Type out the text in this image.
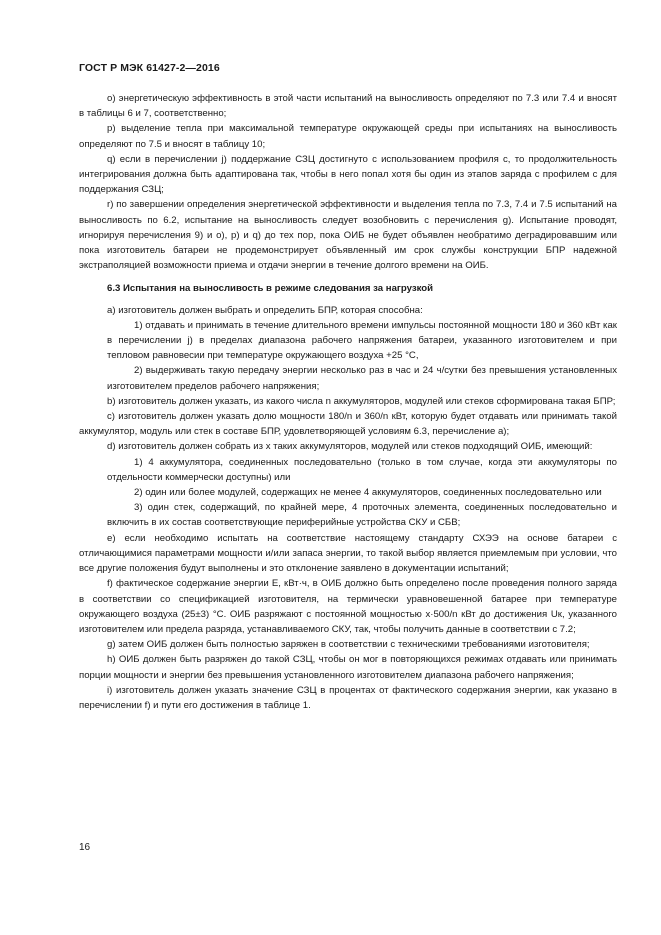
ГОСТ Р МЭК 61427-2—2016

o) энергетическую эффективность в этой части испытаний на выносливость определяют по 7.3 или 7.4 и вносят в таблицы 6 и 7, соответственно;

p) выделение тепла при максимальной температуре окружающей среды при испытаниях на выносливость определяют по 7.5 и вносят в таблицу 10;

q) если в перечислении j) поддержание СЗЦ достигнуто с использованием профиля с, то продолжительность интегрирования должна быть адаптирована так, чтобы в него попал хотя бы один из этапов заряда с профилем с для поддержания СЗЦ;

r) по завершении определения энергетической эффективности и выделения тепла по 7.3, 7.4 и 7.5 испытаний на выносливость по 6.2, испытание на выносливость следует возобновить с перечисления g). Испытание проводят, игнорируя перечисления 9) и o), p) и q) до тех пор, пока ОИБ не будет объявлен необратимо деградировавшим или пока изготовитель батареи не продемонстрирует объявленный им срок службы конструкции БПР надежной экстраполяцией возможности приема и отдачи энергии в течение долгого времени на ОИБ.

6.3 Испытания на выносливость в режиме следования за нагрузкой

a) изготовитель должен выбрать и определить БПР, которая способна:

1) отдавать и принимать в течение длительного времени импульсы постоянной мощности 180 и 360 кВт как в перечислении j) в пределах диапазона рабочего напряжения батареи, указанного изготовителем и при тепловом равновесии при температуре окружающего воздуха +25 °C,

2) выдерживать такую передачу энергии несколько раз в час и 24 ч/сутки без превышения установленных изготовителем пределов рабочего напряжения;

b) изготовитель должен указать, из какого числа n аккумуляторов, модулей или стеков сформирована такая БПР;

c) изготовитель должен указать долю мощности 180/n и 360/n кВт, которую будет отдавать или принимать такой аккумулятор, модуль или стек в составе БПР, удовлетворяющей условиям 6.3, перечисление а);

d) изготовитель должен собрать из x таких аккумуляторов, модулей или стеков подходящий ОИБ, имеющий:

1) 4 аккумулятора, соединенных последовательно (только в том случае, когда эти аккумуляторы по отдельности коммерчески доступны) или

2) один или более модулей, содержащих не менее 4 аккумуляторов, соединенных последовательно или

3) один стек, содержащий, по крайней мере, 4 проточных элемента, соединенных последовательно и включить в их состав соответствующие периферийные устройства СКУ и СБВ;

e) если необходимо испытать на соответствие настоящему стандарту СХЭЭ на основе батареи с отличающимися параметрами мощности и/или запаса энергии, то такой выбор является приемлемым при условии, что все другие положения будут выполнены и это отклонение заявлено в документации испытаний;

f) фактическое содержание энергии E, кВт·ч, в ОИБ должно быть определено после проведения полного заряда в соответствии со спецификацией изготовителя, на термически уравновешенной батарее при температуре окружающего воздуха (25±3) °C. ОИБ разряжают с постоянной мощностью x·500/n кВт до достижения Uк, указанного изготовителем или предела разряда, устанавливаемого СКУ, так, чтобы получить данные в соответствии с 7.2;

g) затем ОИБ должен быть полностью заряжен в соответствии с техническими требованиями изготовителя;

h) ОИБ должен быть разряжен до такой СЗЦ, чтобы он мог в повторяющихся режимах отдавать или принимать порции мощности и энергии без превышения установленного изготовителем диапазона рабочего напряжения;

i) изготовитель должен указать значение СЗЦ в процентах от фактического содержания энергии, как указано в перечислении f) и пути его достижения в таблице 1.

16
